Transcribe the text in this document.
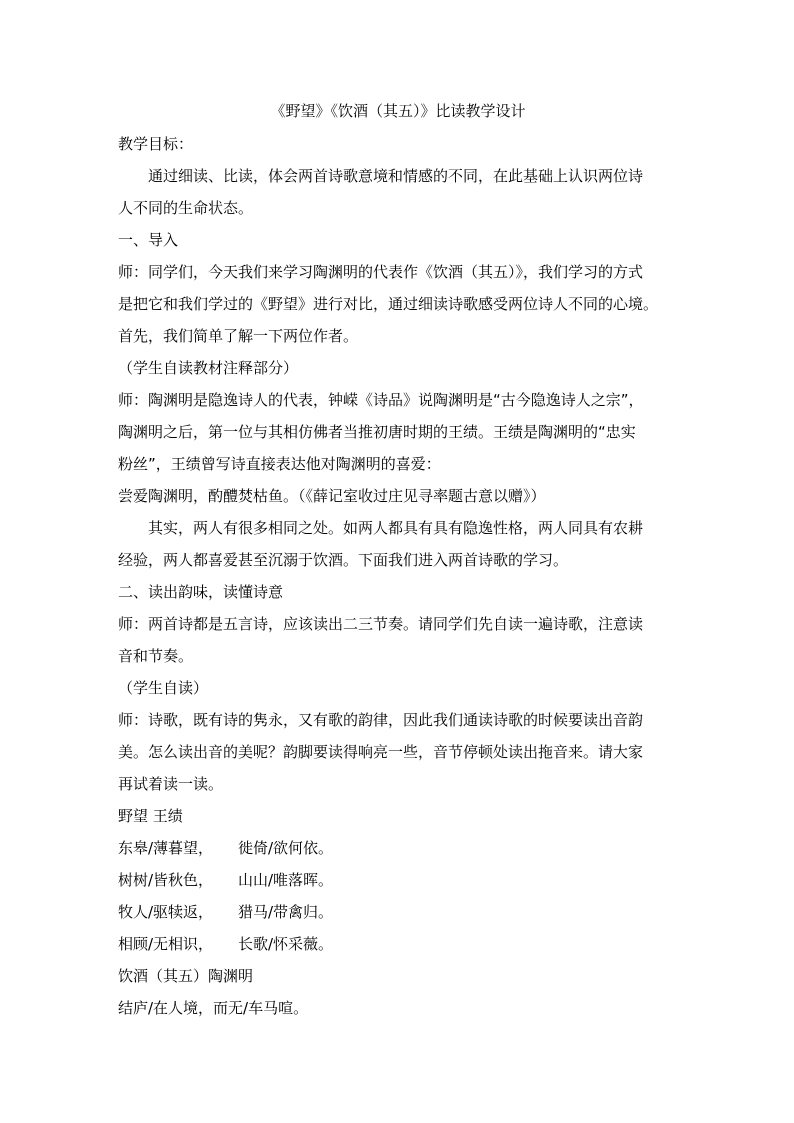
《野望》《饮酒（其五）》比读教学设计
教学目标：
通过细读、比读，体会两首诗歌意境和情感的不同，在此基础上认识两位诗
人不同的生命状态。
一、导入
师：同学们，今天我们来学习陶渊明的代表作《饮酒（其五）》，我们学习的方式
是把它和我们学过的《野望》进行对比，通过细读诗歌感受两位诗人不同的心境。
首先，我们简单了解一下两位作者。
（学生自读教材注释部分）
师：陶渊明是隐逸诗人的代表，钟嵘《诗品》说陶渊明是“古今隐逸诗人之宗”，
陶渊明之后，第一位与其相仿佛者当推初唐时期的王绩。王绩是陶渊明的“忠实
粉丝”，王绩曾写诗直接表达他对陶渊明的喜爱：
尝爱陶渊明，酌醴焚枯鱼。（《薛记室收过庄见寻率题古意以赠》）
其实，两人有很多相同之处。如两人都具有具有隐逸性格，两人同具有农耕
经验，两人都喜爱甚至沉溺于饮酒。下面我们进入两首诗歌的学习。
二、读出韵味，读懂诗意
师：两首诗都是五言诗，应该读出二三节奏。请同学们先自读一遍诗歌，注意读
音和节奏。
（学生自读）
师：诗歌，既有诗的隽永，又有歌的韵律，因此我们通读诗歌的时候要读出音韵
美。怎么读出音的美呢？韵脚要读得响亮一些，音节停顿处读出拖音来。请大家
再试着读一读。
野望 王绩
东皋/薄暮望， 徙倚/欲何依。
树树/皆秋色， 山山/唯落晖。
牧人/驱犊返， 猎马/带禽归。
相顾/无相识， 长歌/怀采薇。
饮酒（其五）陶渊明
结庐/在人境，而无/车马喧。
